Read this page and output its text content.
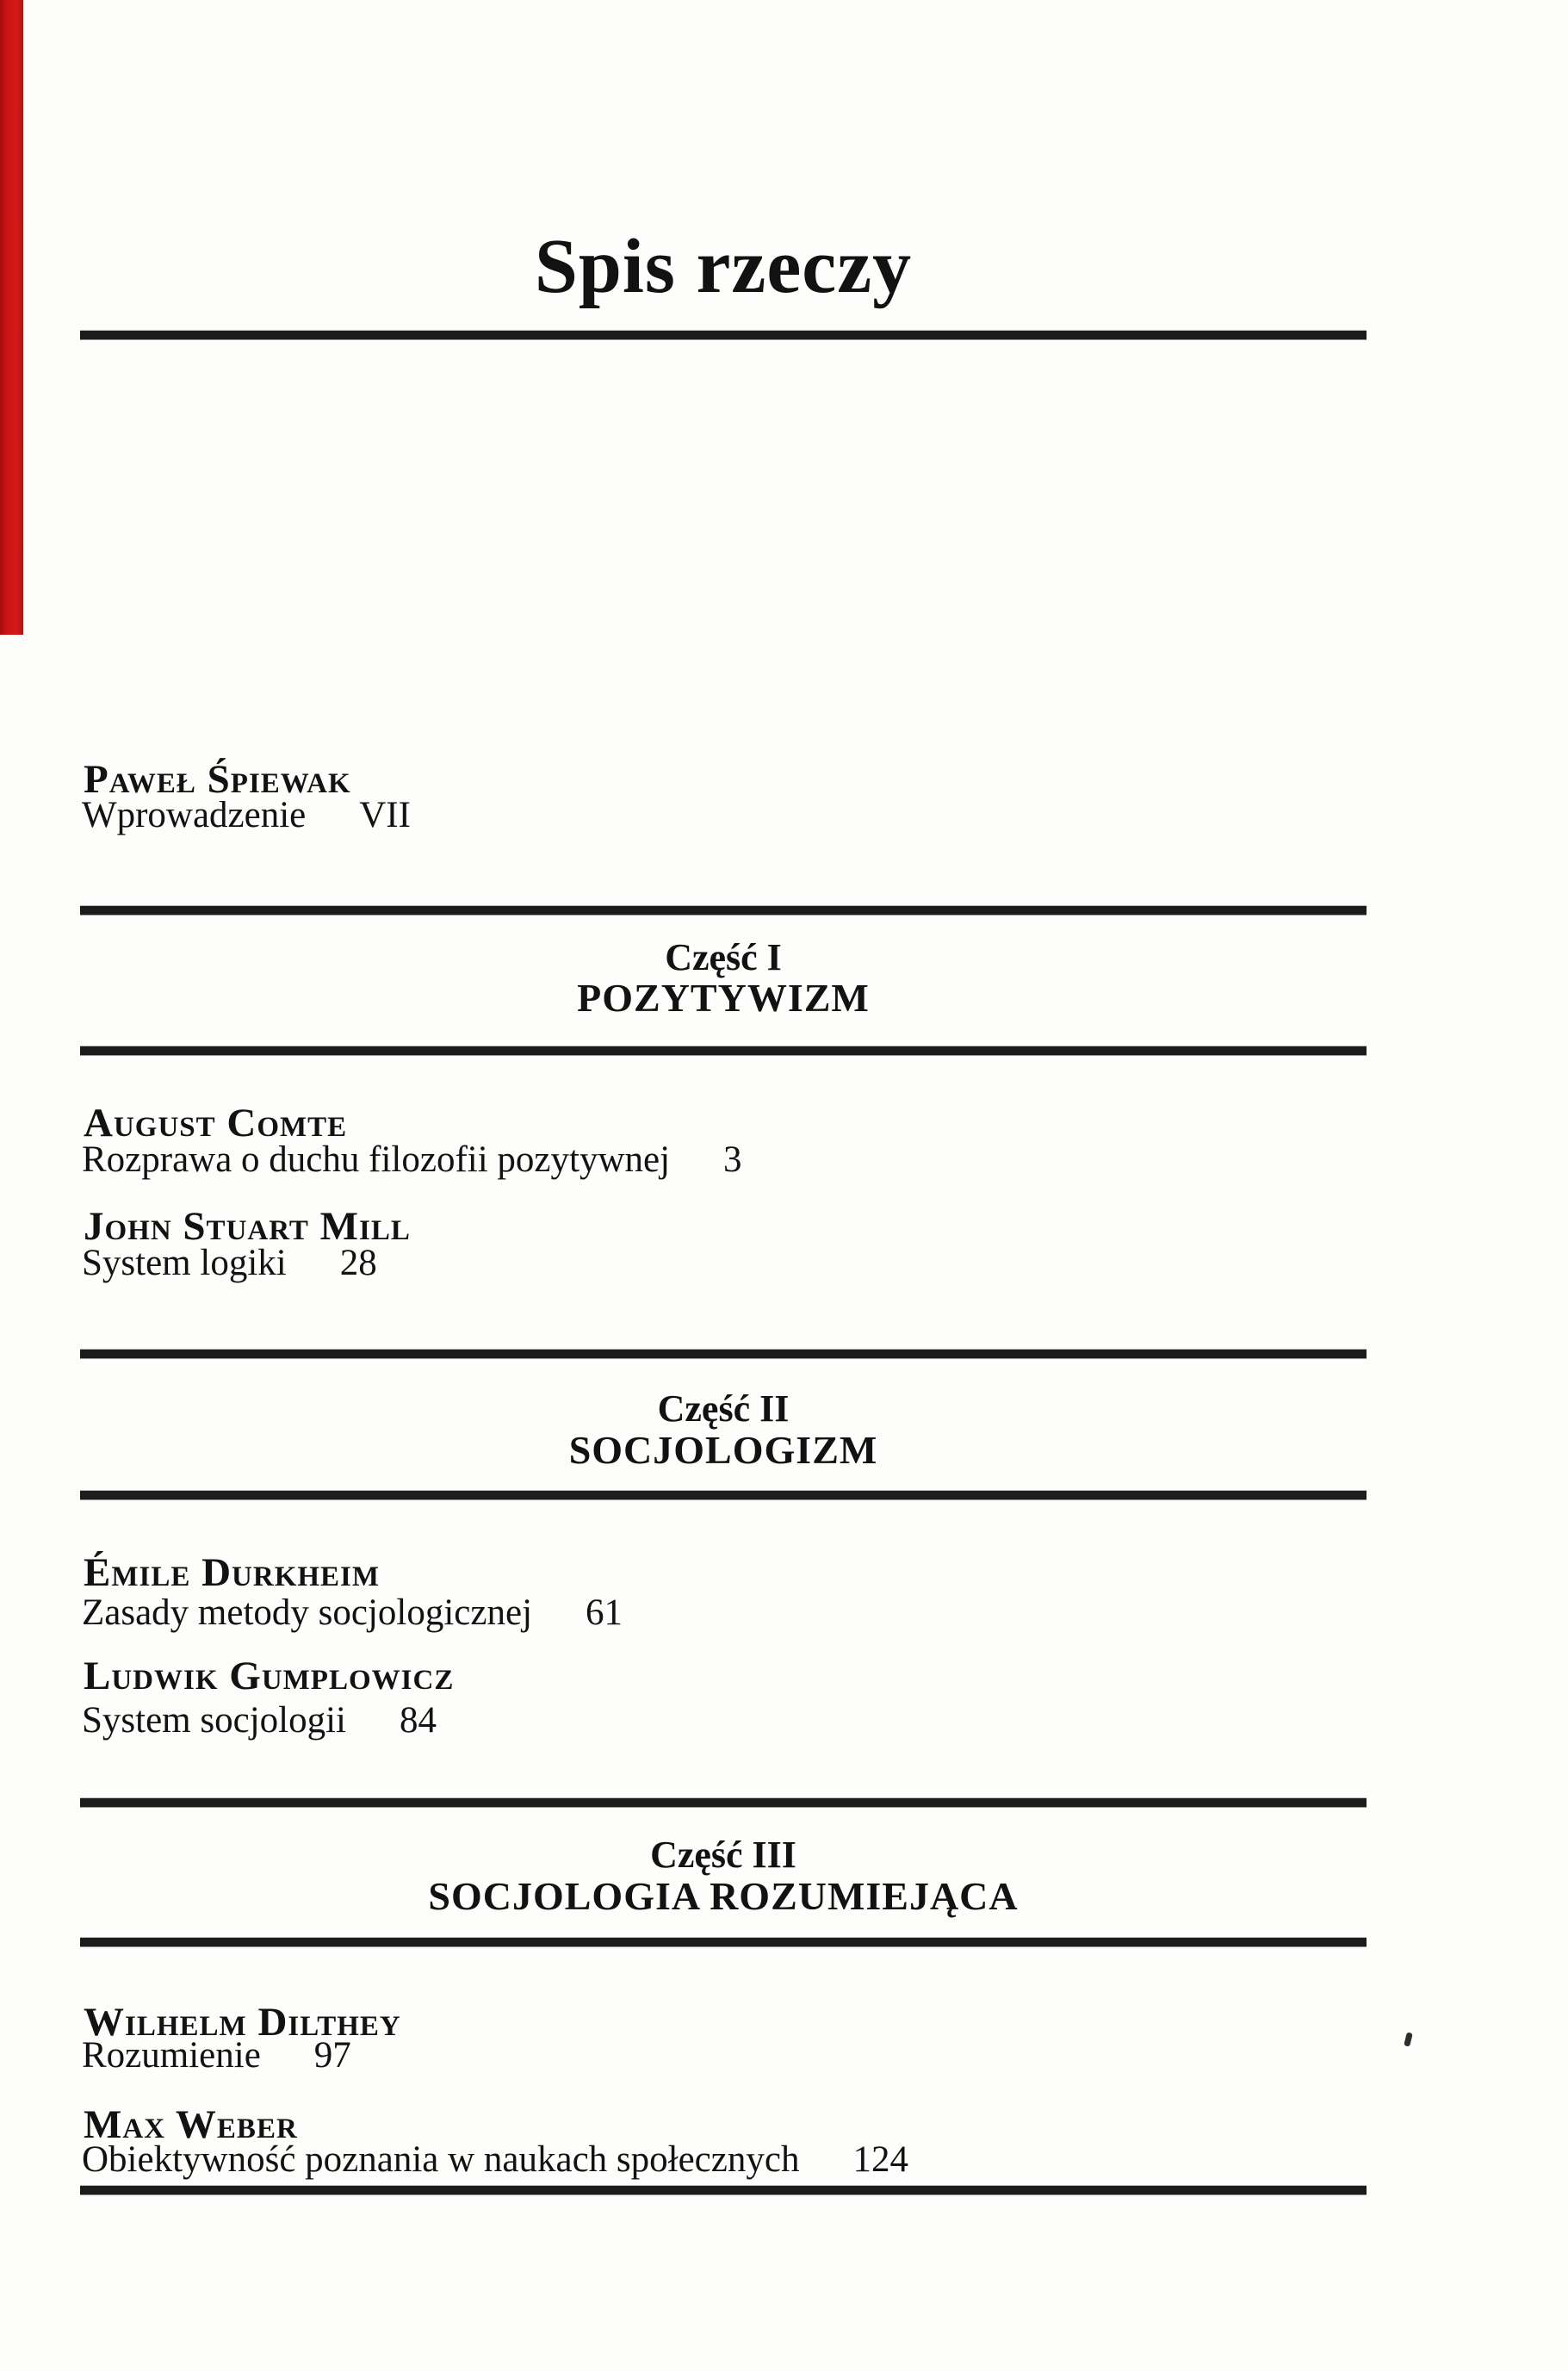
Spis rzeczy
Paweł Śpiewak
Wprowadzenie VII
Część I
POZYTYWIZM
August Comte
Rozprawa o duchu filozofii pozytywnej 3
John Stuart Mill
System logiki 28
Część II
SOCJOLOGIZM
Émile Durkheim
Zasady metody socjologicznej 61
Ludwik Gumplowicz
System socjologii 84
Część III
SOCJOLOGIA ROZUMIEJĄCA
Wilhelm Dilthey
Rozumienie 97
Max Weber
Obiektywność poznania w naukach społecznych 124
